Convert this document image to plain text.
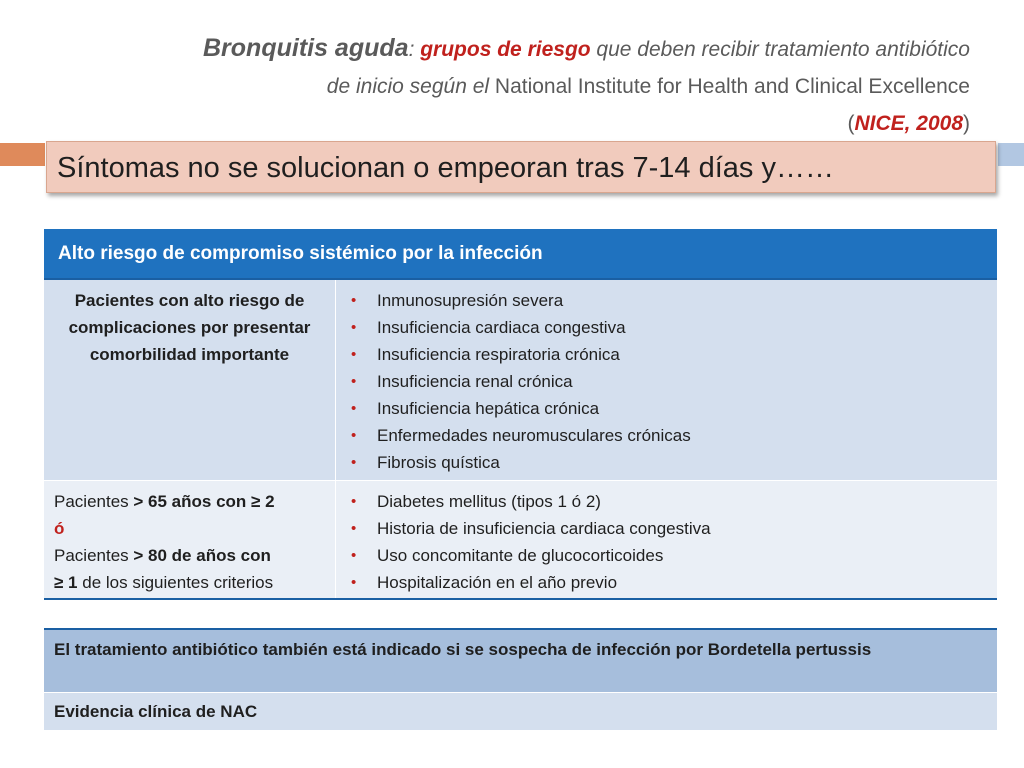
Bronquitis aguda: grupos de riesgo que deben recibir tratamiento antibiótico
de inicio según el National Institute for Health and Clinical Excellence
(NICE, 2008)
Síntomas no se solucionan o empeoran tras 7-14 días y……
Alto riesgo de compromiso sistémico por la infección
Pacientes con alto riesgo de complicaciones por presentar comorbilidad importante
• Inmunosupresión severa
• Insuficiencia cardiaca congestiva
• Insuficiencia respiratoria crónica
• Insuficiencia renal crónica
• Insuficiencia hepática crónica
• Enfermedades neuromusculares crónicas
• Fibrosis quística
Pacientes > 65 años con ≥ 2
ó
Pacientes > 80 de años con
≥ 1 de los siguientes criterios
• Diabetes mellitus (tipos 1 ó 2)
• Historia de insuficiencia cardiaca congestiva
• Uso concomitante de glucocorticoides
• Hospitalización en el año previo
El tratamiento antibiótico también está indicado si se sospecha de infección por Bordetella pertussis
Evidencia clínica de NAC
